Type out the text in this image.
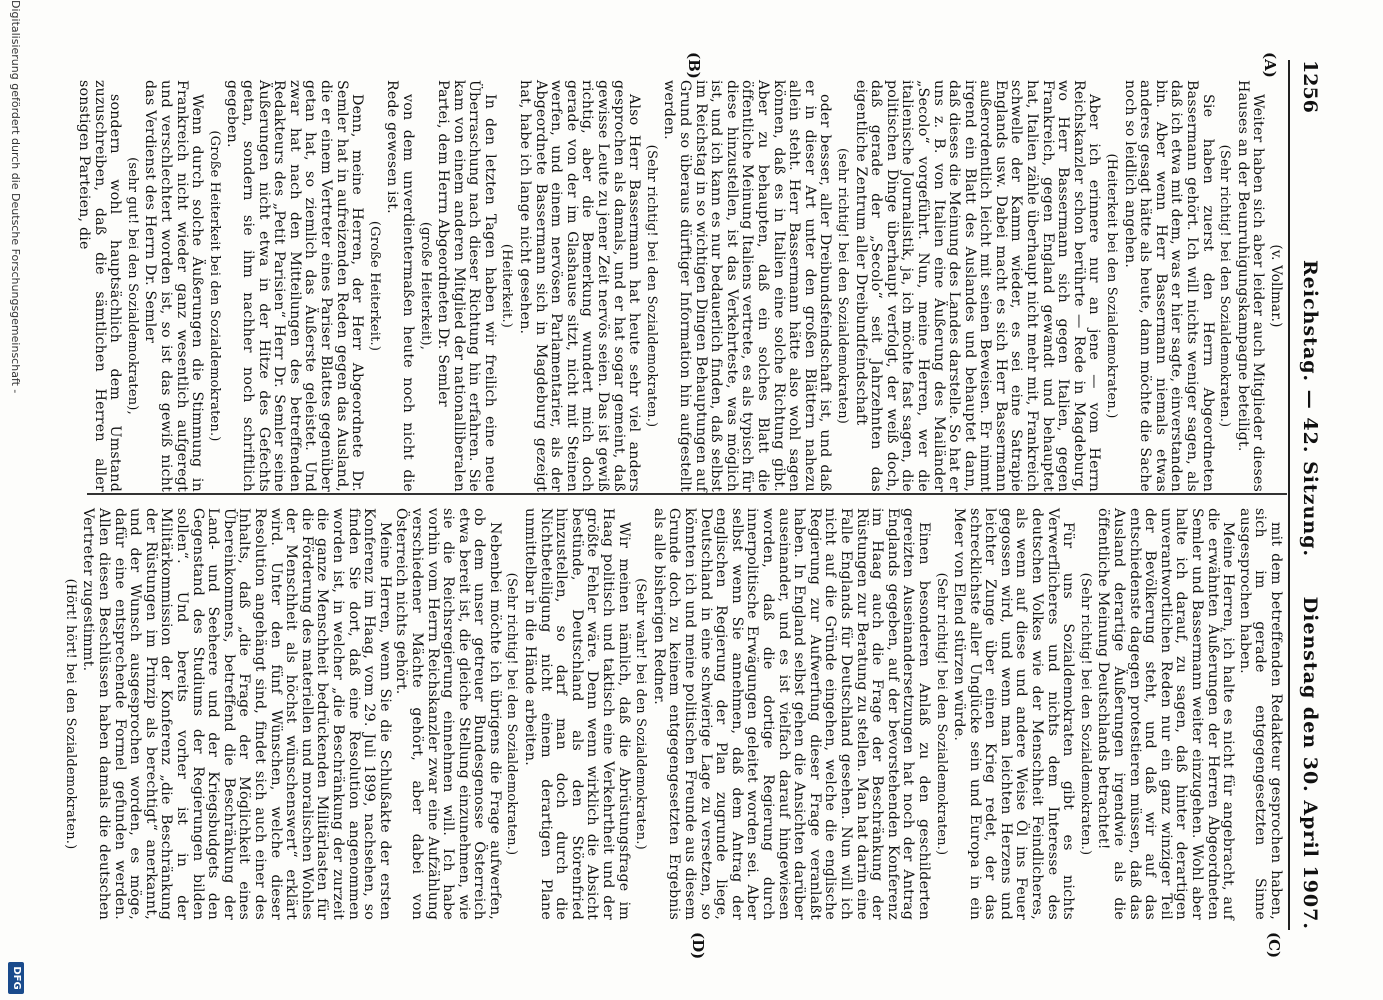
1256
Reichstag. — 42. Sitzung.
Dienstag den 30. April 1907.
(A)
(B)
(C)
(D)

(v. Vollmar.)

Weiter haben sich aber leider auch Mitglieder dieses Hauses an der Beunruhigungskampagne beteiligt.

(Sehr richtig! bei den Sozialdemokraten.)

Sie haben zuerst den Herrn Abgeordneten Bassermann gehört. Ich will nichts weniger sagen, als daß ich etwa mit dem, was er hier sagte, einverstanden bin. Aber wenn Herr Bassermann niemals etwas anderes gesagt hätte als heute, dann möchte die Sache noch so leidlich angehen.

(Heiterkeit bei den Sozialdemokraten.)

Aber ich erinnere nur an jene — vom Herrn Reichskanzler schon berührte — Rede in Magdeburg, wo Herr Bassermann sich gegen Italien, gegen Frankreich, gegen England gewandt und behauptet hat, Italien zähle überhaupt nicht mehr mit, Frankreich schwelle der Kamm wieder, es sei eine Satrapie Englands usw. Dabei macht es sich Herr Bassermann außerordentlich leicht mit seinen Beweisen. Er nimmt irgend ein Blatt des Auslandes und behauptet dann, daß dieses die Meinung des Landes darstelle. So hat er uns z. B. von Italien eine Äußerung des Mailänder „Secolo“ vorgeführt. Nun, meine Herren, wer die italienische Journalistik, ja, ich möchte fast sagen, die politischen Dinge überhaupt verfolgt, der weiß doch, daß gerade der „Secolo“ seit Jahrzehnten das eigentliche Zentrum aller Dreibundfeindschaft

(sehr richtig! bei den Sozialdemokraten)

oder besser, aller Dreibundsfeindschaft ist, und daß er in dieser Art unter den großen Blättern nahezu allein steht. Herr Bassermann hätte also wohl sagen können, daß es in Italien eine solche Richtung gibt. Aber zu behaupten, daß ein solches Blatt die öffentliche Meinung Italiens vertrete, es als typisch für diese hinzustellen, ist das Verkehrteste, was möglich ist, und ich kann es nur bedauerlich finden, daß selbst im Reichstag in so wichtigen Dingen Behauptungen auf Grund so überaus dürftiger Information hin aufgestellt werden.

(Sehr richtig! bei den Sozialdemokraten.)

Also Herr Bassermann hat heute sehr viel anders gesprochen als damals, und er hat sogar gemeint, daß gewisse Leute zu jener Zeit nervös seien. Das ist gewiß richtig, aber die Bemerkung wundert mich doch gerade von der im Glashause sitzt, nicht mit Steinen werfen, und einem nervösen Parlamentarier, als der Abgeordnete Bassermann sich in Magdeburg gezeigt hat, habe ich lange nicht gesehen.

(Heiterkeit.)

In den letzten Tagen haben wir freilich eine neue Überraschung nach dieser Richtung hin erfahren. Sie kam von einem anderen Mitglied der nationalliberalen Partei, dem Herrn Abgeordneten Dr. Semler

(große Heiterkeit),

von dem unverdientermaßen heute noch nicht die Rede gewesen ist.

(Große Heiterkeit.)

Denn, meine Herren, der Herr Abgeordnete Dr. Semler hat in aufreizenden Reden gegen das Ausland, die er einem Vertreter eines Pariser Blattes gegenüber getan hat, so ziemlich das Äußerste geleistet. Und zwar hat nach den Mitteilungen des betreffenden Redakteurs des „Petit Parisien“ Herr Dr. Semler seine Äußerungen nicht etwa in der Hitze des Gefechts getan, sondern sie ihm nachher noch schriftlich gegeben.

(Große Heiterkeit bei den Sozialdemokraten.)

Wenn durch solche Äußerungen die Stimmung in Frankreich nicht wieder ganz wesentlich aufgeregt und verschlechtert worden ist, so ist das gewiß nicht das Verdienst des Herrn Dr. Semler

(sehr gut! bei den Sozialdemokraten),

sondern wohl hauptsächlich dem Umstand zuzuschreiben, daß die sämtlichen Herren aller sonstigen Parteien, die

mit dem betreffenden Redakteur gesprochen haben, sich im gerade entgegengesetzten Sinne ausgesprochen haben.

Meine Herren, ich halte es nicht für angebracht, auf die erwähnten Äußerungen der Herren Abgeordneten Semler und Bassermann weiter einzugehen. Wohl aber halte ich darauf, zu sagen, daß hinter derartigen unverantwortlichen Reden nur ein ganz winziger Teil der Bevölkerung steht, und daß wir auf das entschiedenste dagegen protestieren müssen, daß das Ausland derartige Äußerungen irgendwie als die öffentliche Meinung Deutschlands betrachtet!

(Sehr richtig! bei den Sozialdemokraten.)

Für uns Sozialdemokraten gibt es nichts Verwerflicheres und nichts dem Interesse des deutschen Volkes wie der Menschheit Feindlicheres, als wenn auf diese und andere Weise Öl ins Feuer gegossen wird, und wenn man leichten Herzens und leichter Zunge über einen Krieg redet, der das schrecklichste aller Unglücke sein und Europa in ein Meer von Elend stürzen würde.

(Sehr richtig! bei den Sozialdemokraten.)

Einen besonderen Anlaß zu den geschilderten gereizten Auseinandersetzungen hat noch der Antrag Englands gegeben, auf der bevorstehenden Konferenz im Haag auch die Frage der Beschränkung der Rüstungen zur Beratung zu stellen. Man hat darin eine Falle Englands für Deutschland gesehen. Nun will ich nicht auf die Gründe eingehen, welche die englische Regierung zur Aufwerfung dieser Frage veranlaßt haben. In England selbst gehen die Ansichten darüber auseinander, und es ist vielfach darauf hingewiesen worden, daß die dortige Regierung durch innerpolitische Erwägungen geleitet worden sei. Aber selbst wenn Sie annehmen, daß dem Antrag der englischen Regierung der Plan zugrunde liege, Deutschland in eine schwierige Lage zu versetzen, so könnten ich und meine politischen Freunde aus diesem Grunde doch zu keinem entgegengesetzten Ergebnis als alle bisherigen Redner.

(Sehr wahr! bei den Sozialdemokraten.)

Wir meinen nämlich, daß die Abrüstungsfrage im Haag politisch und taktisch eine Verkehrtheit und der größte Fehler wäre. Denn wenn wirklich die Absicht bestünde, Deutschland als den Störenfried hinzustellen, so darf man doch durch die Nichtbeteiligung nicht einem derartigen Plane unmittelbar in die Hände arbeiten.

(Sehr richtig! bei den Sozialdemokraten.)

Nebenbei möchte ich übrigens die Frage aufwerfen, ob dem unser getreuer Bundesgenosse Österreich etwa bereit ist, die gleiche Stellung einzunehmen, wie sie die Reichsregierung einnehmen will. Ich habe vorhin vom Herrn Reichskanzler zwar eine Aufzählung verschiedener Mächte gehört, aber dabei von Österreich nichts gehört.

Meine Herren, wenn Sie die Schlußakte der ersten Konferenz im Haag, vom 29. Juli 1899, nachsehen, so finden Sie dort, daß eine Resolution angenommen worden ist, in welcher „die Beschränkung der zurzeit die ganze Menschheit bedrückenden Militärlasten für die Förderung des materiellen und moralischen Wohles der Menschheit als höchst wünschenswert“ erklärt wird. Unter den fünf Wünschen, welche dieser Resolution angehängt sind, findet sich auch einer des Inhalts, daß „die Frage der Möglichkeit eines Übereinkommens, betreffend die Beschränkung der Land- und Seeheere und der Kriegsbudgets den Gegenstand des Studiums der Regierungen bilden sollen“. Und bereits vorher ist in der Militärkommission der Konferenz „die Beschränkung der Rüstungen im Prinzip als berechtigt“ anerkannt, und der Wunsch ausgesprochen worden, es möge, dafür eine entsprechende Formel gefunden werden. Allen diesen Beschlüssen haben damals die deutschen Vertreter zugestimmt.

(Hört! hört! bei den Sozialdemokraten.)

Digitalisierung gefördert durch die Deutsche Forschungsgemeinschaft -
DFG
